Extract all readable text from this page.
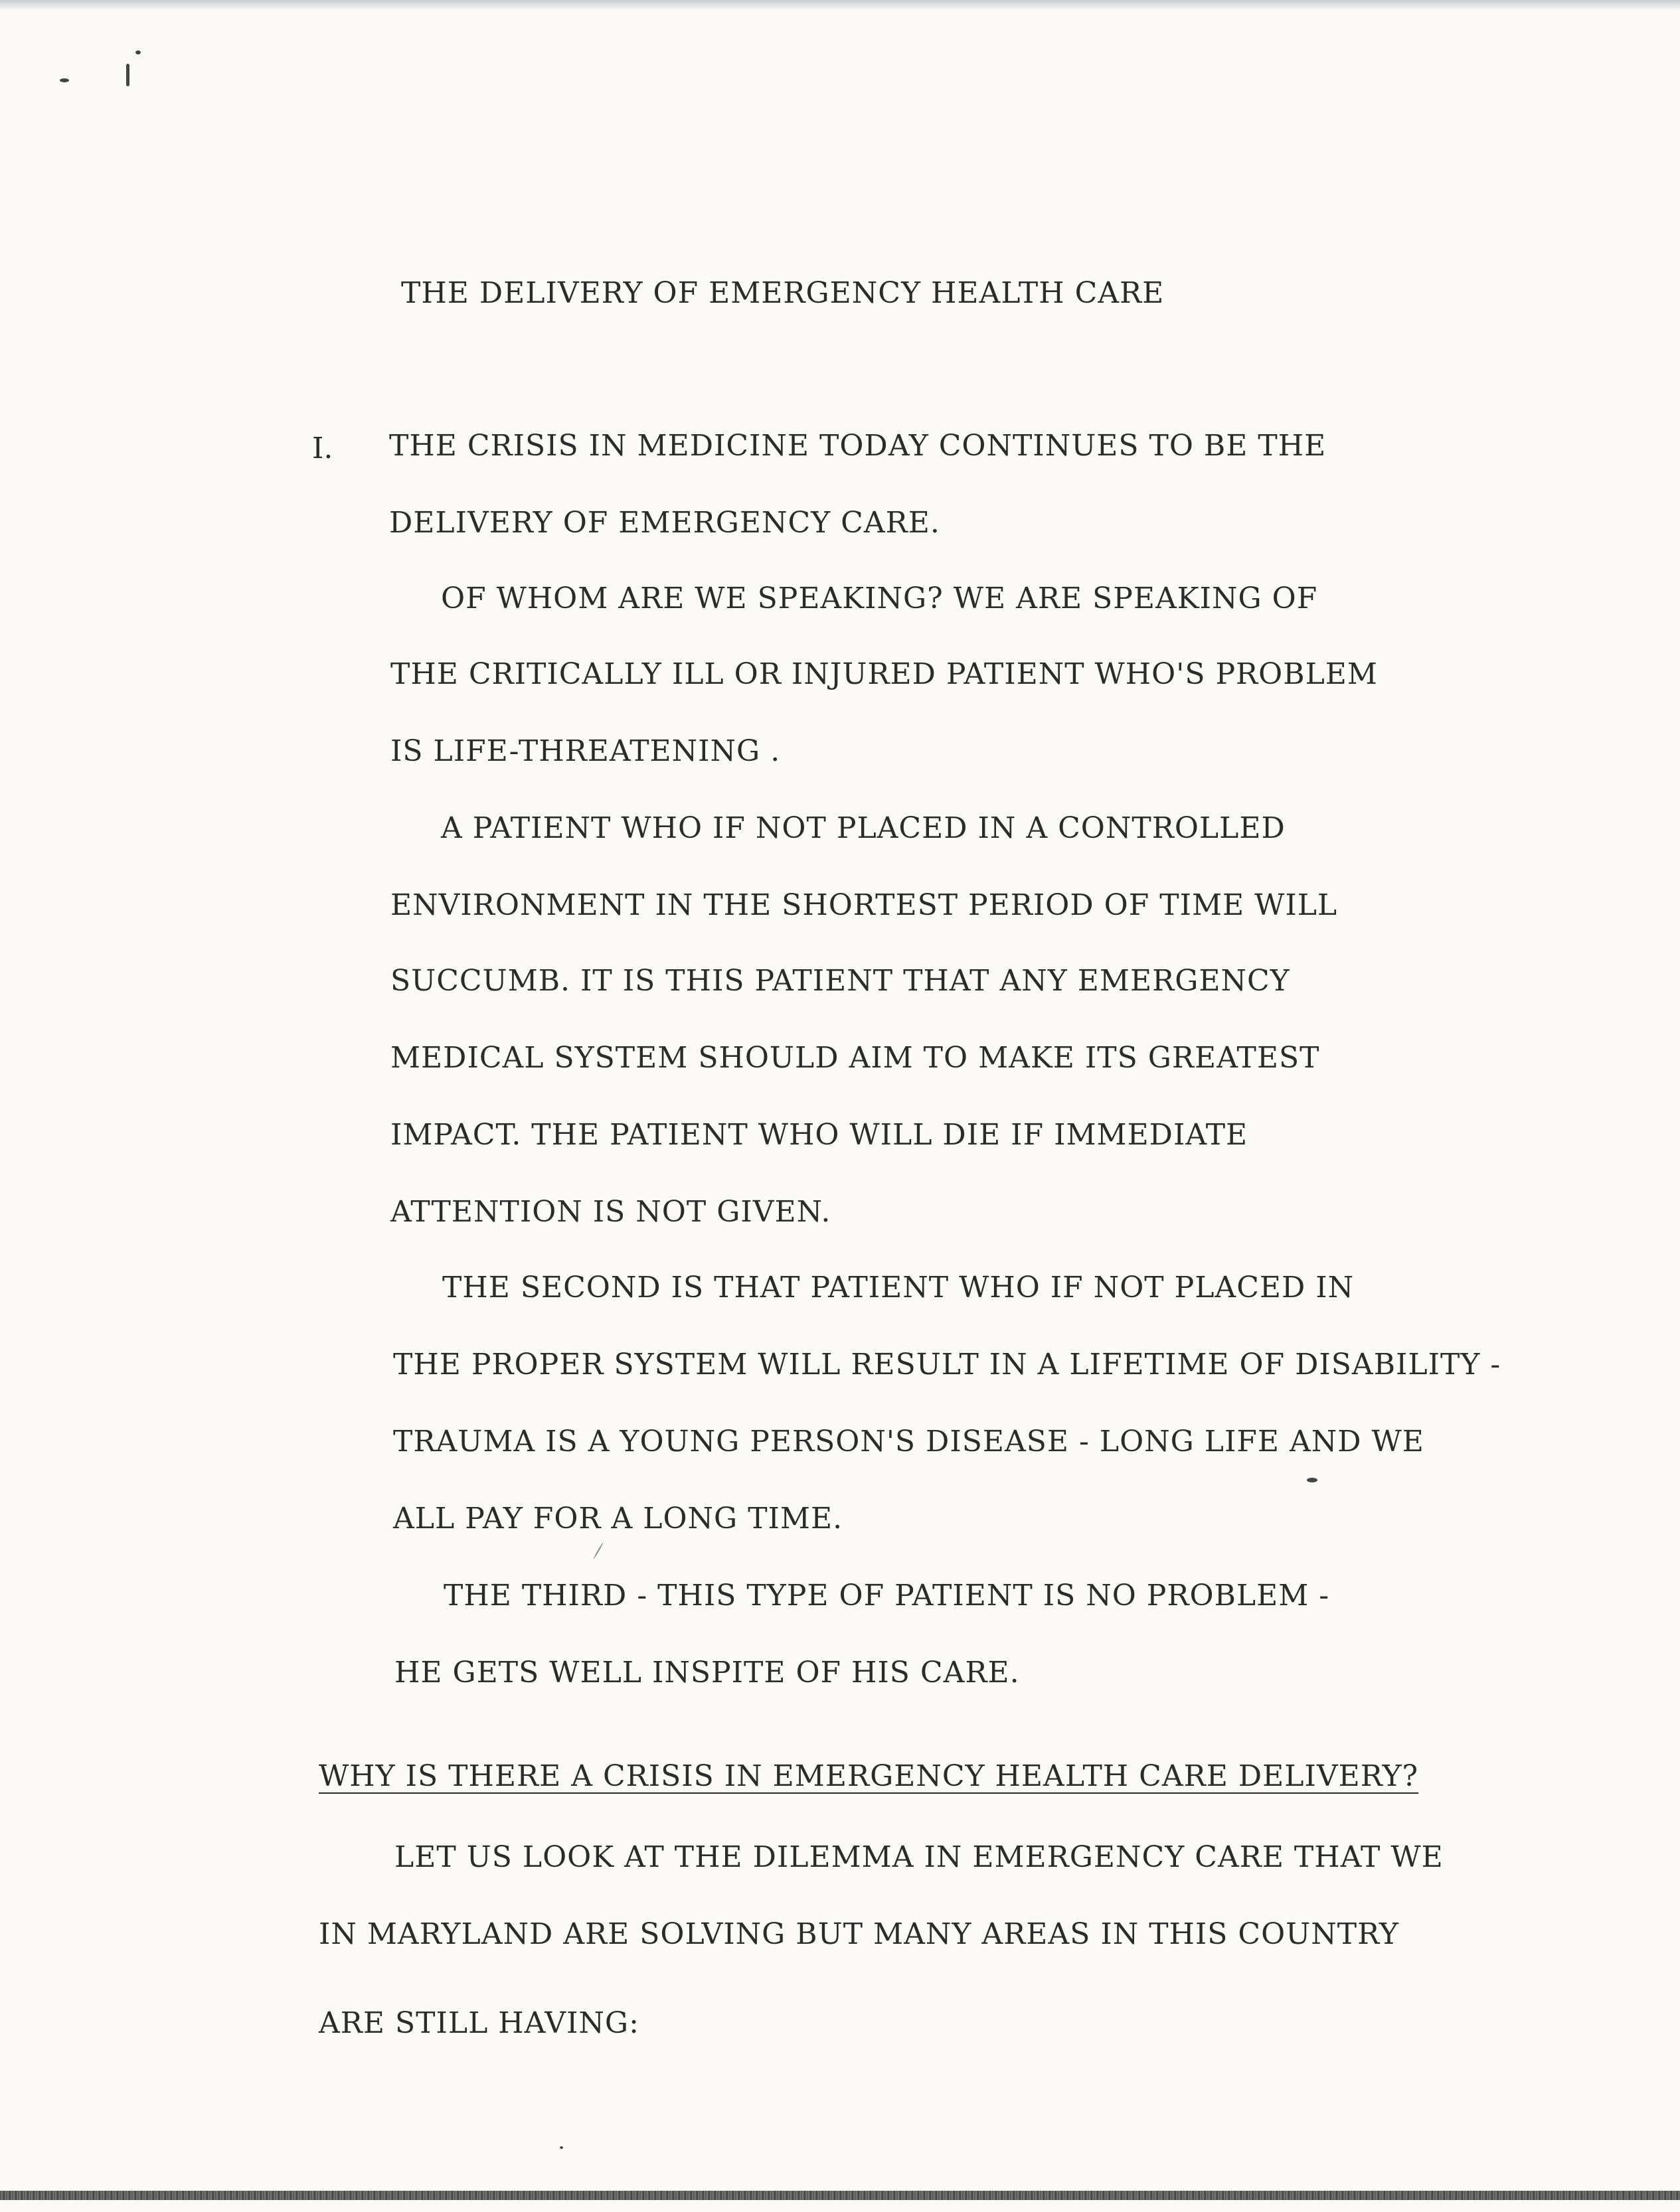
THE DELIVERY OF EMERGENCY HEALTH CARE
I. THE CRISIS IN MEDICINE TODAY CONTINUES TO BE THE
DELIVERY OF EMERGENCY CARE.
OF WHOM ARE WE SPEAKING? WE ARE SPEAKING OF
THE CRITICALLY ILL OR INJURED PATIENT WHO'S PROBLEM
IS LIFE-THREATENING .
A PATIENT WHO IF NOT PLACED IN A CONTROLLED
ENVIRONMENT IN THE SHORTEST PERIOD OF TIME WILL
SUCCUMB. IT IS THIS PATIENT THAT ANY EMERGENCY
MEDICAL SYSTEM SHOULD AIM TO MAKE ITS GREATEST
IMPACT. THE PATIENT WHO WILL DIE IF IMMEDIATE
ATTENTION IS NOT GIVEN.
THE SECOND IS THAT PATIENT WHO IF NOT PLACED IN
THE PROPER SYSTEM WILL RESULT IN A LIFETIME OF DISABILITY -
TRAUMA IS A YOUNG PERSON'S DISEASE - LONG LIFE AND WE
ALL PAY FOR A LONG TIME.
THE THIRD - THIS TYPE OF PATIENT IS NO PROBLEM -
HE GETS WELL INSPITE OF HIS CARE.
WHY IS THERE A CRISIS IN EMERGENCY HEALTH CARE DELIVERY?
LET US LOOK AT THE DILEMMA IN EMERGENCY CARE THAT WE
IN MARYLAND ARE SOLVING BUT MANY AREAS IN THIS COUNTRY
ARE STILL HAVING:
